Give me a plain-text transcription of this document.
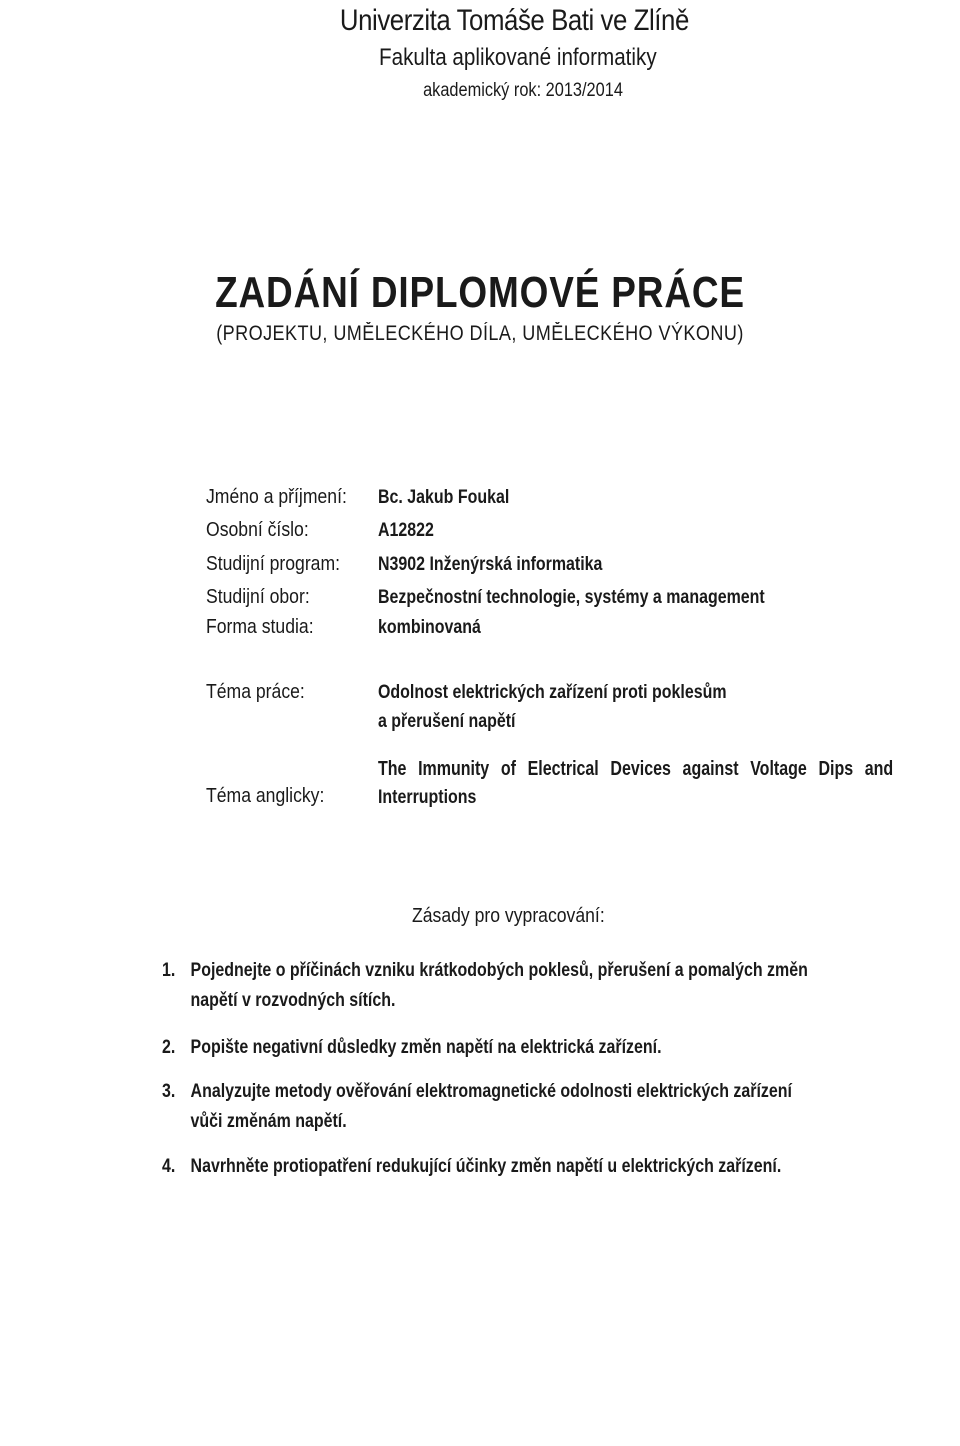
Univerzita Tomáše Bati ve Zlíně
Fakulta aplikované informatiky
akademický rok: 2013/2014
ZADÁNÍ DIPLOMOVÉ PRÁCE
(PROJEKTU, UMĚLECKÉHO DÍLA, UMĚLECKÉHO VÝKONU)
Jméno a příjmení: Bc. Jakub Foukal
Osobní číslo:	A12822
Studijní program: N3902 Inženýrská informatika
Studijní obor:	Bezpečnostní technologie, systémy a management
Forma studia:	kombinovaná
Téma práce:	Odolnost elektrických zařízení proti poklesům
a přerušení napětí
Téma anglicky:
The Immunity of Electrical Devices against Voltage Dips and
Interruptions
Zásady pro vypracování:
1. Pojednejte o příčinách vzniku krátkodobých poklesů, přerušení a pomalých změn
napětí v rozvodných sítích.
2. Popište negativní důsledky změn napětí na elektrická zařízení.
3. Analyzujte metody ověřování elektromagnetické odolnosti elektrických zařízení
vůči změnám napětí.
4. Navrhněte protiopatření redukující účinky změn napětí u elektrických zařízení.
